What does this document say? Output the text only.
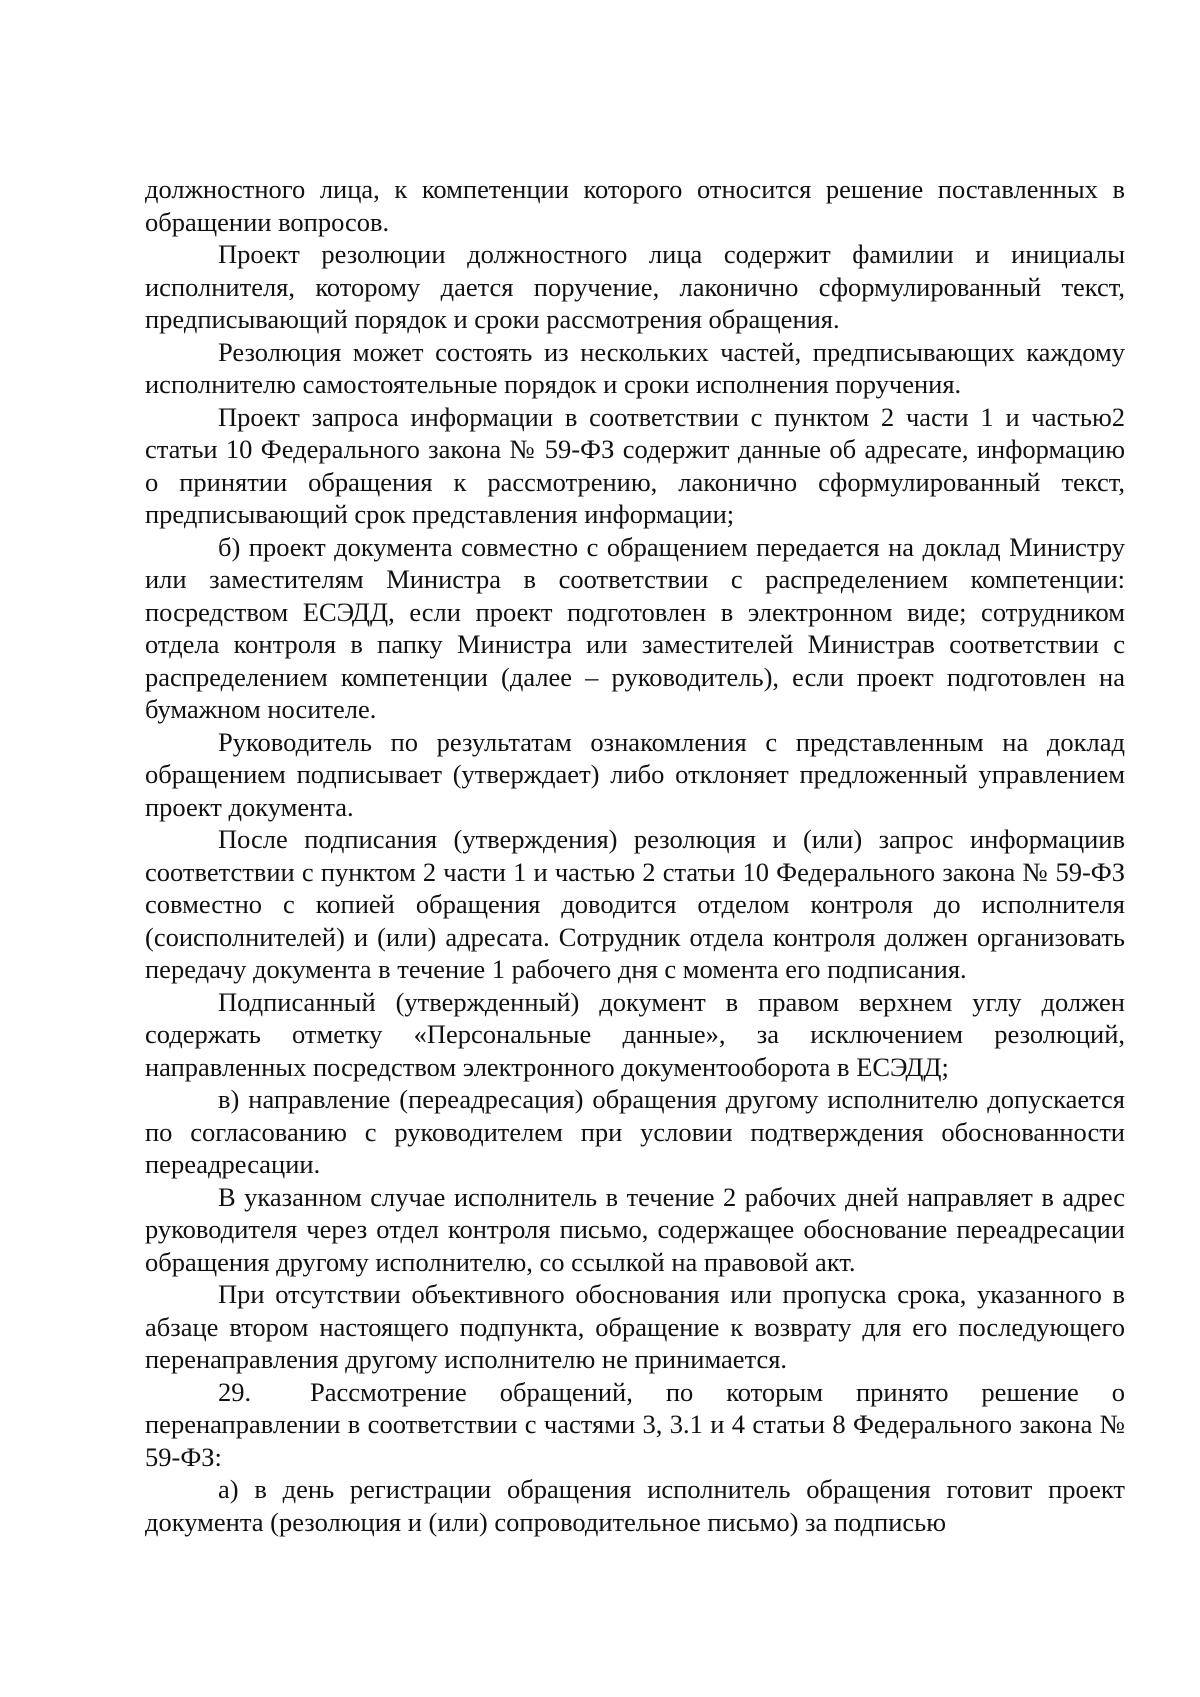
должностного лица, к компетенции которого относится решение поставленных в обращении вопросов.

Проект резолюции должностного лица содержит фамилии и инициалы исполнителя, которому дается поручение, лаконично сформулированный текст, предписывающий порядок и сроки рассмотрения обращения.

Резолюция может состоять из нескольких частей, предписывающих каждому исполнителю самостоятельные порядок и сроки исполнения поручения.

Проект запроса информации в соответствии с пунктом 2 части 1 и частью2 статьи 10 Федерального закона № 59-ФЗ содержит данные об адресате, информацию о принятии обращения к рассмотрению, лаконично сформулированный текст, предписывающий срок представления информации;

б) проект документа совместно с обращением передается на доклад Министру или заместителям Министра в соответствии с распределением компетенции: посредством ЕСЭДД, если проект подготовлен в электронном виде; сотрудником отдела контроля в папку Министра или заместителей Министрав соответствии с распределением компетенции (далее – руководитель), если проект подготовлен на бумажном носителе.

Руководитель по результатам ознакомления с представленным на доклад обращением подписывает (утверждает) либо отклоняет предложенный управлением проект документа.

После подписания (утверждения) резолюция и (или) запрос информациив соответствии с пунктом 2 части 1 и частью 2 статьи 10 Федерального закона № 59-ФЗ совместно с копией обращения доводится отделом контроля до исполнителя (соисполнителей) и (или) адресата. Сотрудник отдела контроля должен организовать передачу документа в течение 1 рабочего дня с момента его подписания.

Подписанный (утвержденный) документ в правом верхнем углу должен содержать отметку «Персональные данные», за исключением резолюций, направленных посредством электронного документооборота в ЕСЭДД;

в) направление (переадресация) обращения другому исполнителю допускается по согласованию с руководителем при условии подтверждения обоснованности переадресации.

В указанном случае исполнитель в течение 2 рабочих дней направляет в адрес руководителя через отдел контроля письмо, содержащее обоснование переадресации обращения другому исполнителю, со ссылкой на правовой акт.

При отсутствии объективного обоснования или пропуска срока, указанного в абзаце втором настоящего подпункта, обращение к возврату для его последующего перенаправления другому исполнителю не принимается.

29. Рассмотрение обращений, по которым принято решение о перенаправлении в соответствии с частями 3, 3.1 и 4 статьи 8 Федерального закона № 59-ФЗ:

а) в день регистрации обращения исполнитель обращения готовит проект документа (резолюция и (или) сопроводительное письмо) за подписью
